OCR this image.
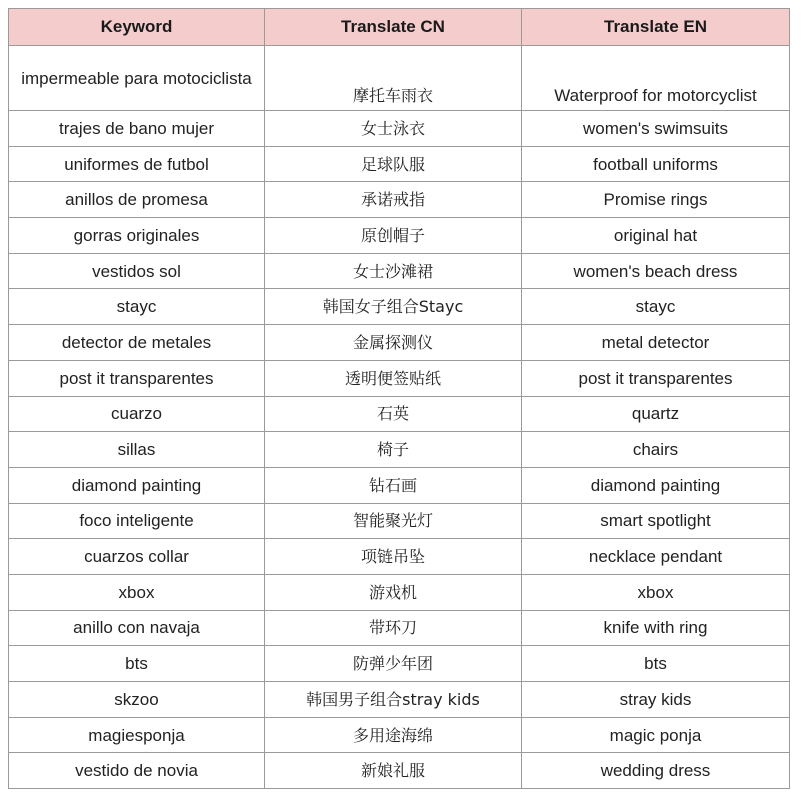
Keyword	Translate CN	Translate EN
impermeable para motociclista	摩托车雨衣	Waterproof for motorcyclist
trajes de bano mujer	女士泳衣	women's swimsuits
uniformes de futbol	足球队服	football uniforms
anillos de promesa	承诺戒指	Promise rings
gorras originales	原创帽子	original hat
vestidos sol	女士沙滩裙	women's beach dress
stayc	韩国女子组合Stayc	stayc
detector de metales	金属探测仪	metal detector
post it transparentes	透明便签贴纸	post it transparentes
cuarzo	石英	quartz
sillas	椅子	chairs
diamond painting	钻石画	diamond painting
foco inteligente	智能聚光灯	smart spotlight
cuarzos collar	项链吊坠	necklace pendant
xbox	游戏机	xbox
anillo con navaja	带环刀	knife with ring
bts	防弹少年团	bts
skzoo	韩国男子组合stray kids	stray kids
magiesponja	多用途海绵	magic ponja
vestido de novia	新娘礼服	wedding dress
